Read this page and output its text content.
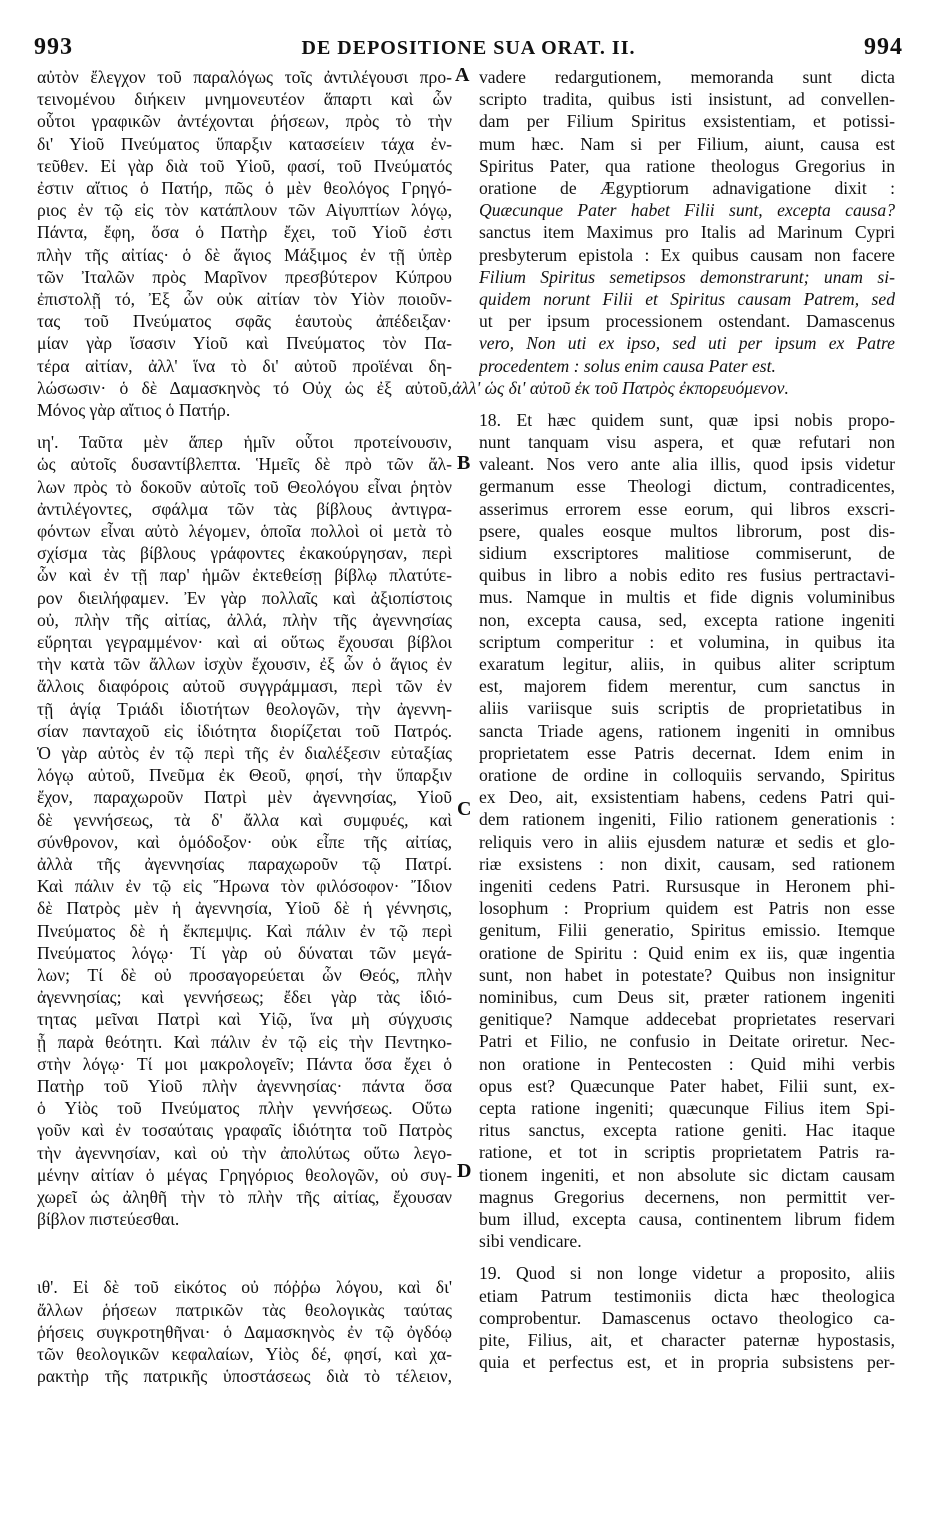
993	DE DEPOSITIONE SUA ORAT. II.	994
αὐτὸν ἔλεγχον τοῦ παραλόγως τοῖς ἀντιλέγουσι προ-
τεινομένου διήκειν μνημονευτέον ἅπαρτι καὶ ὧν
οὗτοι γραφικῶν ἀντέχονται ῥήσεων, πρὸς τὸ τὴν
δι' Υἱοῦ Πνεύματος ὕπαρξιν κατασείειν τάχα ἐν-
τεῦθεν. Εἰ γὰρ διὰ τοῦ Υἱοῦ, φασί, τοῦ Πνεύματός
ἐστιν αἴτιος ὁ Πατήρ, πῶς ὁ μὲν θεολόγος Γρηγό-
ριος ἐν τῷ εἰς τὸν κατάπλουν τῶν Αἰγυπτίων λόγῳ,
Πάντα, ἔφη, ὅσα ὁ Πατὴρ ἔχει, τοῦ Υἱοῦ ἐστι
πλὴν τῆς αἰτίας· ὁ δὲ ἅγιος Μάξιμος ἐν τῇ ὑπὲρ
τῶν Ἰταλῶν πρὸς Μαρῖνον πρεσβύτερον Κύπρου
ἐπιστολῇ τό, Ἐξ ὧν οὐκ αἰτίαν τὸν Υἱὸν ποιοῦν-
τας τοῦ Πνεύματος σφᾶς ἑαυτοὺς ἀπέδειξαν·
μίαν γὰρ ἴσασιν Υἱοῦ καὶ Πνεύματος τὸν Πα-
τέρα αἰτίαν, ἀλλ' ἵνα τὸ δι' αὐτοῦ προϊέναι δη-
λώσωσιν· ὁ δὲ Δαμασκηνὸς τό Οὐχ ὡς ἐξ αὐτοῦ,
Μόνος γὰρ αἴτιος ὁ Πατήρ.
ιη'. Ταῦτα μὲν ἅπερ ἡμῖν οὗτοι προτείνουσιν,
ὡς αὐτοῖς δυσαντίβλεπτα. Ἡμεῖς δὲ πρὸ τῶν ἄλ-
λων πρὸς τὸ δοκοῦν αὐτοῖς τοῦ Θεολόγου εἶναι ῥητὸν
ἀντιλέγοντες, σφάλμα τῶν τὰς βίβλους ἀντιγρα-
φόντων εἶναι αὐτὸ λέγομεν, ὁποῖα πολλοὶ οἱ μετὰ τὸ
σχίσμα τὰς βίβλους γράφοντες ἐκακούργησαν, περὶ
ὧν καὶ ἐν τῇ παρ' ἡμῶν ἐκτεθείσῃ βίβλῳ πλατύτε-
ρον διειλήφαμεν. Ἐν γὰρ πολλαῖς καὶ ἀξιοπίστοις
οὐ, πλὴν τῆς αἰτίας, ἀλλά, πλὴν τῆς ἀγεννησίας
εὕρηται γεγραμμένον· καὶ αἱ οὕτως ἔχουσαι βίβλοι
τὴν κατὰ τῶν ἄλλων ἰσχὺν ἔχουσιν, ἐξ ὧν ὁ ἅγιος ἐν
ἄλλοις διαφόροις αὐτοῦ συγγράμμασι, περὶ τῶν ἐν
τῇ ἁγίᾳ Τριάδι ἰδιοτήτων θεολογῶν, τὴν ἀγεννη-
σίαν πανταχοῦ εἰς ἰδιότητα διορίζεται τοῦ Πατρός.
Ὁ γὰρ αὐτὸς ἐν τῷ περὶ τῆς ἐν διαλέξεσιν εὐταξίας
λόγῳ αὐτοῦ, Πνεῦμα ἐκ Θεοῦ, φησί, τὴν ὕπαρξιν
ἔχον, παραχωροῦν Πατρὶ μὲν ἀγεννησίας, Υἱοῦ
δὲ γεννήσεως, τὰ δ' ἄλλα καὶ συμφυές, καὶ
σύνθρονον, καὶ ὁμόδοξον· οὐκ εἶπε τῆς αἰτίας,
ἀλλὰ τῆς ἀγεννησίας παραχωροῦν τῷ Πατρί.
Καὶ πάλιν ἐν τῷ εἰς Ἥρωνα τὸν φιλόσοφον· Ἴδιον
δὲ Πατρὸς μὲν ἡ ἀγεννησία, Υἱοῦ δὲ ἡ γέννησις,
Πνεύματος δὲ ἡ ἔκπεμψις. Καὶ πάλιν ἐν τῷ περὶ
Πνεύματος λόγῳ· Τί γὰρ οὐ δύναται τῶν μεγά-
λων; Τί δὲ οὐ προσαγορεύεται ὧν Θεός, πλὴν
ἀγεννησίας; καὶ γεννήσεως; ἔδει γὰρ τὰς ἰδιό-
τητας μεῖναι Πατρὶ καὶ Υἱῷ, ἵνα μὴ σύγχυσις
ᾖ παρὰ θεότητι. Καὶ πάλιν ἐν τῷ εἰς τὴν Πεντηκο-
στὴν λόγῳ· Τί μοι μακρολογεῖν; Πάντα ὅσα ἔχει ὁ
Πατὴρ τοῦ Υἱοῦ πλὴν ἀγεννησίας· πάντα ὅσα
ὁ Υἱὸς τοῦ Πνεύματος πλὴν γεννήσεως. Οὕτω
γοῦν καὶ ἐν τοσαύταις γραφαῖς ἰδιότητα τοῦ Πατρὸς
τὴν ἀγεννησίαν, καὶ οὐ τὴν ἀπολύτως οὕτω λεγο-
μένην αἰτίαν ὁ μέγας Γρηγόριος θεολογῶν, οὐ συγ-
χωρεῖ ὡς ἀληθῆ τὴν τὸ πλὴν τῆς αἰτίας, ἔχουσαν
βίβλον πιστεύεσθαι.
ιθ'. Εἰ δὲ τοῦ εἰκότος οὐ πόῤῥω λόγου, καὶ δι'
ἄλλων ῥήσεων πατρικῶν τὰς θεολογικὰς ταύτας
ῥήσεις συγκροτηθῆναι· ὁ Δαμασκηνὸς ἐν τῷ ὀγδόῳ
τῶν θεολογικῶν κεφαλαίων, Υἱὸς δέ, φησί, καὶ χα-
ρακτὴρ τῆς πατρικῆς ὑποστάσεως διὰ τὸ τέλειον,
vadere redargutionem, memoranda sunt dicta
scripto tradita, quibus isti insistunt, ad convellen-
dam per Filium Spiritus exsistentiam, et potissi-
mum hæc. Nam si per Filium, aiunt, causa est
Spiritus Pater, qua ratione theologus Gregorius in
oratione de Ægyptiorum adnavigatione dixit :
Quæcunque Pater habet Filii sunt, excepta causa?
sanctus item Maximus pro Italis ad Marinum Cypri
presbyterum epistola : Ex quibus causam non facere
Filium Spiritus semetipsos demonstrarunt; unam si-
quidem norunt Filii et Spiritus causam Patrem, sed
ut per ipsum processionem ostendant. Damascenus
vero, Non uti ex ipso, sed uti per ipsum ex Patre
procedentem : solus enim causa Pater est.
18. Et hæc quidem sunt, quæ ipsi nobis propo-
nunt tanquam visu aspera, et quæ refutari non
valeant. Nos vero ante alia illis, quod ipsis videtur
germanum esse Theologi dictum, contradicentes,
asserimus errorem esse eorum, qui libros exscri-
psere, quales eosque multos librorum, post dis-
sidium exscriptores malitiose commiserunt, de
quibus in libro a nobis edito res fusius pertractavi-
mus. Namque in multis et fide dignis voluminibus
non, excepta causa, sed, excepta ratione ingeniti
scriptum comperitur : et volumina, in quibus ita
exaratum legitur, aliis, in quibus aliter scriptum
est, majorem fidem merentur, cum sanctus in
aliis variisque suis scriptis de proprietatibus in
sancta Triade agens, rationem ingeniti in omnibus
proprietatem esse Patris decernat. Idem enim in
oratione de ordine in colloquiis servando, Spiritus
ex Deo, ait, exsistentiam habens, cedens Patri qui-
dem rationem ingeniti, Filio rationem generationis :
reliquis vero in aliis ejusdem naturæ et sedis et glo-
riæ exsistens : non dixit, causam, sed rationem
ingeniti cedens Patri. Rursusque in Heronem phi-
losophum : Proprium quidem est Patris non esse
genitum, Filii generatio, Spiritus emissio. Itemque
oratione de Spiritu : Quid enim ex iis, quæ ingentia
sunt, non habet in potestate? Quibus non insignitur
nominibus, cum Deus sit, præter rationem ingeniti
genitique? Namque addecebat proprietates reservari
Patri et Filio, ne confusio in Deitate oriretur. Nec-
non oratione in Pentecosten : Quid mihi verbis
opus est? Quæcunque Pater habet, Filii sunt, ex-
cepta ratione ingeniti; quæcunque Filius item Spi-
ritus sanctus, excepta ratione geniti. Hac itaque
ratione, et tot in scriptis proprietatem Patris ra-
tionem ingeniti, et non absolute sic dictam causam
magnus Gregorius decernens, non permittit ver-
bum illud, excepta causa, continentem librum fidem
sibi vendicare.
19. Quod si non longe videtur a proposito, aliis
etiam Patrum testimoniis dicta hæc theologica
comprobentur. Damascenus octavo theologico ca-
pite, Filius, ait, et character paternæ hypostasis,
quia et perfectus est, et in propria subsistens per-
ἀλλ' ὡς δι' αὐτοῦ ἐκ τοῦ Πατρὸς ἐκπορευόμενον.
A
B
C
D
